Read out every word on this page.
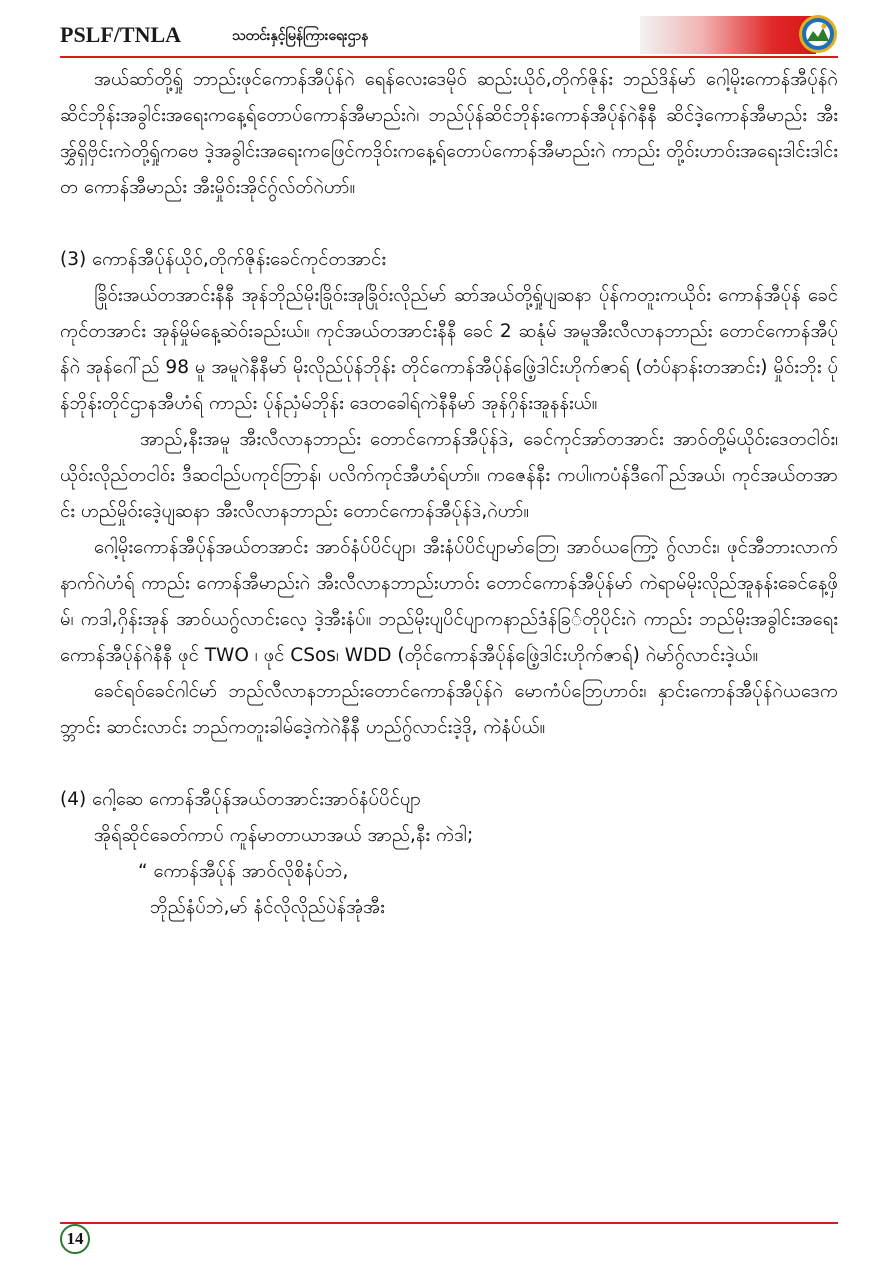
PSLF/TNLA	သတင်းနှင့်မြန်ကြားရေးဌာန

အယ်ဆာ်တို့ရှ်ု ဘာည်းဖုင်ကောန်အီပ်ုန်ဂဲ ရေန်လေးဒေမိုဝ် ဆည်းယိုဝ်,တိုက်ဇိုန်း ဘည်ဒိန်မာ် ဂေါ့မိုးကောန်အီပ်ုန်ဂဲ ဆိင်ဘိုန်းအခွါင်းအရေးကနေ့ရ်တောပ်ကောန်အီမာည်းဂဲ၊ ဘည်ပ်ုန်ဆိင်ဘိုန်းကောန်အီပ်ုန်ဂဲနီနီ ဆိင်ဒဲ့ကောန်အီမာည်း အီးအွှ်ရှိဗှိင်းကဲတို့ရှ်ုကဗေ ဒဲ့အခွါင်းအရေးကဖြေင်ကဒိုဝ်းကနေ့ရ်တောပ်ကောန်အီမာည်းဂဲ ကာည်း တို့ဝ်းဟာဝ်းအရေးဒါင်းဒါင်း တ ကောန်အီမာည်း အီးမှိုဝ်းအိုင်ဂွ်လ်တ်ဂဲဟာ်။

(3) ကောန်အီပ်ုန်ယိုဝ်,တိုက်ဇိုန်းခေင်ကုင်တအာင်း

ခြိုဝ်းအယ်တအာင်းနီနီ အုန်ဘိုည်မိုးခြိုဝ်းအုခြိုဝ်းလိုည်မာ် ဆာ်အယ်တို့ရှ်ုပျဆနာ ပ်ုန်ကတူးကယိုဝ်း ကောန်အီပ်ုန် ခေင်ကုင်တအာင်း အုန်မှိုမ်နေ့ဆဲဝ်းခည်းယ်။ ကုင်အယ်တအာင်းနီနီ ခေင် 2 ဆနုံမ် အမူအီးလီလာနဘာည်း တောင်ကောန်အီပ်ုန်ဂဲ အုန်ဂေါ်ည် 98 မူ အမူဂဲနီနီမာ် မိုးလိုည်ပ်ုန်ဘိုန်း တိုင်ကောန်အီပ်ုန်ဖြေဲ့ဒါင်းဟိုက်ဇာရ် (တံပ်နာန်းတအာင်း) မှိုဝ်းဘိုး ပ်ုန်ဘိုန်းတိုင်ဌာနအီဟံရ် ကာည်း ပ်ုန်ညှံမ်ဘိုန်း ဒေတခေါရ်ကဲနီနီမာ် အုန်ဂှိန်းအူနန်းယ်။

အာည်,နီးအမူ အီးလီလာနဘာည်း တောင်ကောန်အီပ်ုန်ဒဲ, ခေင်ကုင်အာ်တအာင်း အာဝ်တို့မ်ယိုဝ်းဒေတငါဝ်း၊ ယိုဝ်းလိုည်တငါဝ်း ဒီဆငါည်ပကုင်ဘြာန်၊ ပလိက်ကုင်အီဟံရ်ဟာ်။ ကဇေန်နီး ကပါ၊ကပံန်ဒီဂေါ်ည်အယ်၊ ကုင်အယ်တအာင်း ဟည်မှိုဝ်းဒေဲ့ပျဆနာ အီးလီလာနဘာည်း တောင်ကောန်အီပ်ုန်ဒဲ,ဂဲဟာ်။

ဂေါ့မိုးကောန်အီပ်ုန်အယ်တအာင်း အာဝ်နံပ်ပိင်ပျာ၊ အီးနံပ်ပိင်ပျာမာ်ဘြေ၊ အာဝ်ယကြောဲ့ ဂွ်လာင်း၊ ဖုင်အီဘားလာက်နာက်ဂဲဟံရ် ကာည်း ကောန်အီမာည်းဂဲ အီးလီလာနဘာည်းဟာဝ်း တောင်ကောန်အီပ်ုန်မာ် ကဲရာမ်မိုးလိုည်အူနန်းခေင်နေ့ဖှိမ်၊ ကဒါ,ဂှိန်းအုန် အာဝ်ယဂွ်လာင်းလေ့ ဒဲ့အီးနံပ်။ ဘည်မိုးပျပိင်ပျာကနာည်ဒံန်ခြ်တိုပိုင်းဂဲ ကာည်း ဘည်မိုးအခွါင်းအရေး ကောန်အီပ်ုန်ဂဲနီနီ ဖုင် TWO ၊ ဖုင် CSos၊ WDD (တိုင်ကောန်အီပ်ုန်ဖြေဲ့ဒါင်းဟိုက်ဇာရ်) ဂဲမာ်ဂွ်လာင်းဒဲ့ယ်။

ခေင်ရဝ်ခေင်ဂါင်မာ် ဘည်လီလာနဘာည်းတောင်ကောန်အီပ်ုန်ဂဲ မောကံပ်ဘြေဟာဝ်း၊ နှာင်းကောန်အီပ်ုန်ဂဲယဒေကဘ္ဘာင်း ဆာင်းလာင်း ဘည်ကတူးခါမ်ဒေဲ့ကဲဂဲနီနီ ဟည်ဂွ်လာင်းဒဲ့ဒို, ကဲနံပ်ယ်။

(4) ဂေါ့ဆေ ကောန်အီပ်ုန်အယ်တအာင်းအာဝ်နံပ်ပိင်ပျာ

အိုရ်ဆိုင်ခေတ်ကာပ် ကူန်မာတာယာအယ် အာည်,နီး ကဲဒါ;

“ ကောန်အီပ်ုန် အာဝ်လိုစိနံပ်ဘဲ,

ဘိုည်နံပ်ဘဲ,မာ် နံင်လိုလိုည်ပဲန်အုံအီး

14
